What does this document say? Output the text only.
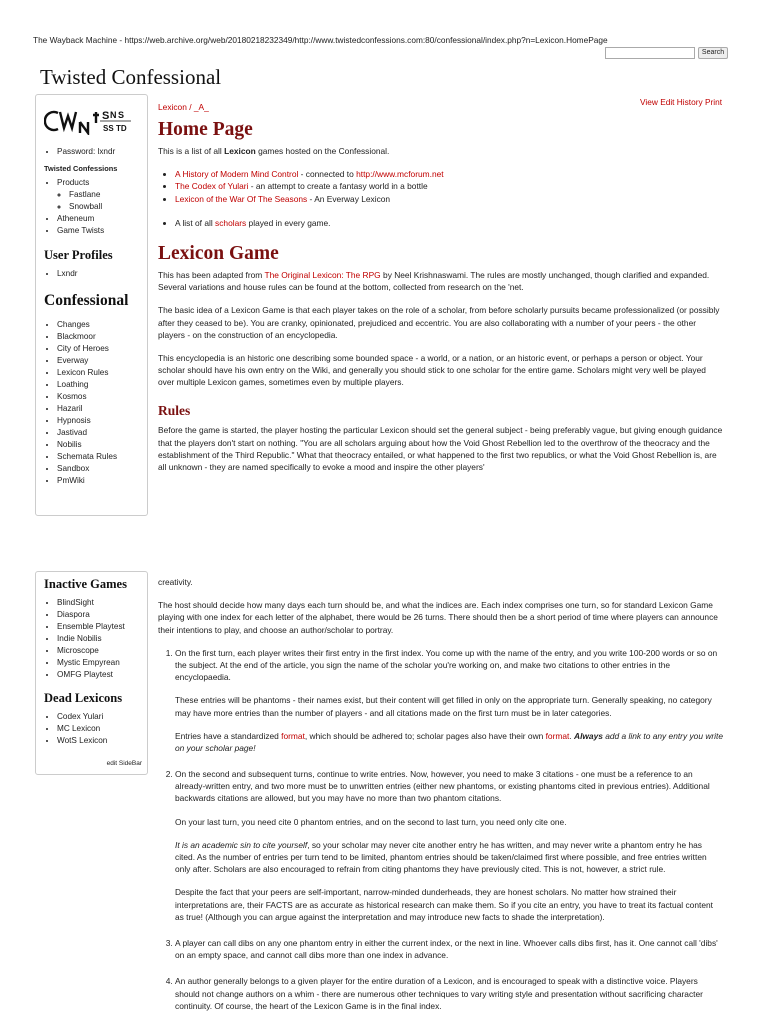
The Wayback Machine - https://web.archive.org/web/20180218232349/http://www.twistedconfessions.com:80/confessional/index.php?n=Lexicon.HomePage
Search
Twisted Confessional
S N S
SS TD
• Password: lxndr
Twisted Confessions
• Products
◦ Fastlane
◦ Snowball
• Atheneum
• Game Twists
User Profiles
• Lxndr
Confessional
• Changes
• Blackmoor
• City of Heroes
• Everway
• Lexicon Rules
• Loathing
• Kosmos
• Hazaril
• Hypnosis
• Jastivad
• Nobilis
• Schemata Rules
• Sandbox
• PmWiki
Inactive Games
• BlindSight
• Diaspora
• Ensemble Playtest
• Indie Nobilis
• Microscope
• Mystic Empyrean
• OMFG Playtest
Dead Lexicons
• Codex Yulari
• MC Lexicon
• WotS Lexicon
edit SideBar
Lexicon / _A_	View Edit History Print
Home Page

This is a list of all Lexicon games hosted on the Confessional.

• A History of Modern Mind Control - connected to http://www.mcforum.net
• The Codex of Yulari - an attempt to create a fantasy world in a bottle
• Lexicon of the War Of The Seasons - An Everway Lexicon
• A list of all scholars played in every game.
Lexicon Game

This has been adapted from The Original Lexicon: The RPG by Neel Krishnaswami. The rules are mostly unchanged, though clarified and expanded. Several variations and house rules can be found at the bottom, collected from research on the 'net.

The basic idea of a Lexicon Game is that each player takes on the role of a scholar, from before scholarly pursuits became professionalized (or possibly after they ceased to be). You are cranky, opinionated, prejudiced and eccentric. You are also collaborating with a number of your peers - the other players - on the construction of an encyclopedia.

This encyclopedia is an historic one describing some bounded space - a world, or a nation, or an historic event, or perhaps a person or object. Your scholar should have his own entry on the Wiki, and generally you should stick to one scholar for the entire game. Scholars might very well be played over multiple Lexicon games, sometimes even by multiple players.

Rules

Before the game is started, the player hosting the particular Lexicon should set the general subject - being preferably vague, but giving enough guidance that the players don't start on nothing. "You are all scholars arguing about how the Void Ghost Rebellion led to the overthrow of the theocracy and the establishment of the Third Republic." What that theocracy entailed, or what happened to the first two republics, or what the Void Ghost Rebellion is, are all unknown - they are named specifically to evoke a mood and inspire the other players'

creativity.

The host should decide how many days each turn should be, and what the indices are. Each index comprises one turn, so for standard Lexicon Game playing with one index for each letter of the alphabet, there would be 26 turns. There should then be a short period of time where players can announce their intentions to play, and choose an author/scholar to portray.

1. On the first turn, each player writes their first entry in the first index. You come up with the name of the entry, and you write 100-200 words or so on the subject. At the end of the article, you sign the name of the scholar you're working on, and make two citations to other entries in the encyclopaedia.

These entries will be phantoms - their names exist, but their content will get filled in only on the appropriate turn. Generally speaking, no category may have more entries than the number of players - and all citations made on the first turn must be in later categories.

Entries have a standardized format, which should be adhered to; scholar pages also have their own format. Always add a link to any entry you write on your scholar page!

2. On the second and subsequent turns, continue to write entries. Now, however, you need to make 3 citations - one must be a reference to an already-written entry, and two more must be to unwritten entries (either new phantoms, or existing phantoms cited in previous entries). Additional backwards citations are allowed, but you may have no more than two phantom citations.

On your last turn, you need cite 0 phantom entries, and on the second to last turn, you need only cite one.

It is an academic sin to cite yourself, so your scholar may never cite another entry he has written, and may never write a phantom entry he has cited. As the number of entries per turn tend to be limited, phantom entries should be taken/claimed first where possible, and free entries written only after. Scholars are also encouraged to refrain from citing phantoms they have previously cited. This is not, however, a strict rule.

Despite the fact that your peers are self-important, narrow-minded dunderheads, they are honest scholars. No matter how strained their interpretations are, their FACTS are as accurate as historical research can make them. So if you cite an entry, you have to treat its factual content as true! (Although you can argue against the interpretation and may introduce new facts to shade the interpretation).

3. A player can call dibs on any one phantom entry in either the current index, or the next in line. Whoever calls dibs first, has it. One cannot call 'dibs' on an empty space, and cannot call dibs more than one index in advance.

4. An author generally belongs to a given player for the entire duration of a Lexicon, and is encouraged to speak with a distinctive voice. Players should not change authors on a whim - there are numerous other techniques to vary writing style and presentation without sacrificing character continuity. Of course, the heart of the Lexicon Game is in the final index.
